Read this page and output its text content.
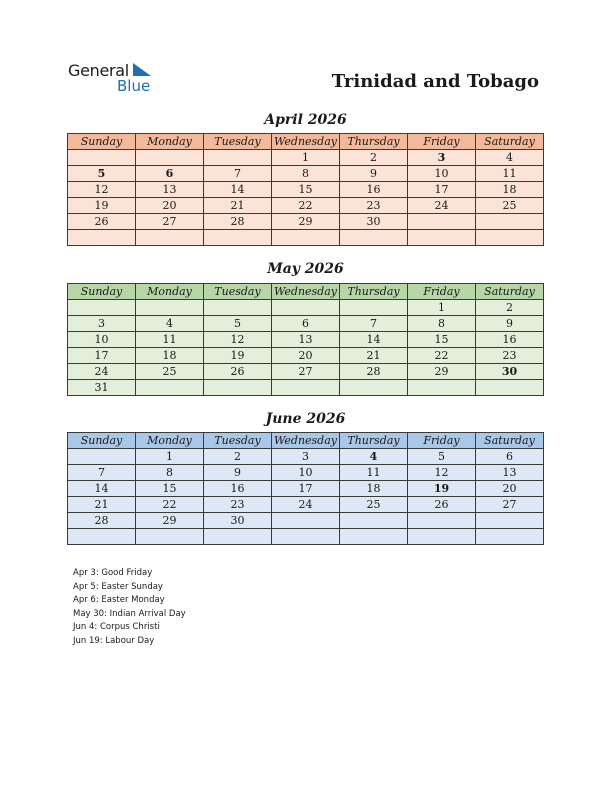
General
Blue	Trinidad and Tobago
April 2026
Sunday	Monday	Tuesday	Wednesday	Thursday	Friday	Saturday
			1	2	3	4
5	6	7	8	9	10	11
12	13	14	15	16	17	18
19	20	21	22	23	24	25
26	27	28	29	30		

May 2026
Sunday	Monday	Tuesday	Wednesday	Thursday	Friday	Saturday
					1	2
3	4	5	6	7	8	9
10	11	12	13	14	15	16
17	18	19	20	21	22	23
24	25	26	27	28	29	30
31						
June 2026
Sunday	Monday	Tuesday	Wednesday	Thursday	Friday	Saturday
	1	2	3	4	5	6
7	8	9	10	11	12	13
14	15	16	17	18	19	20
21	22	23	24	25	26	27
28	29	30				

Apr 3: Good Friday
Apr 5: Easter Sunday
Apr 6: Easter Monday
May 30: Indian Arrival Day
Jun 4: Corpus Christi
Jun 19: Labour Day
